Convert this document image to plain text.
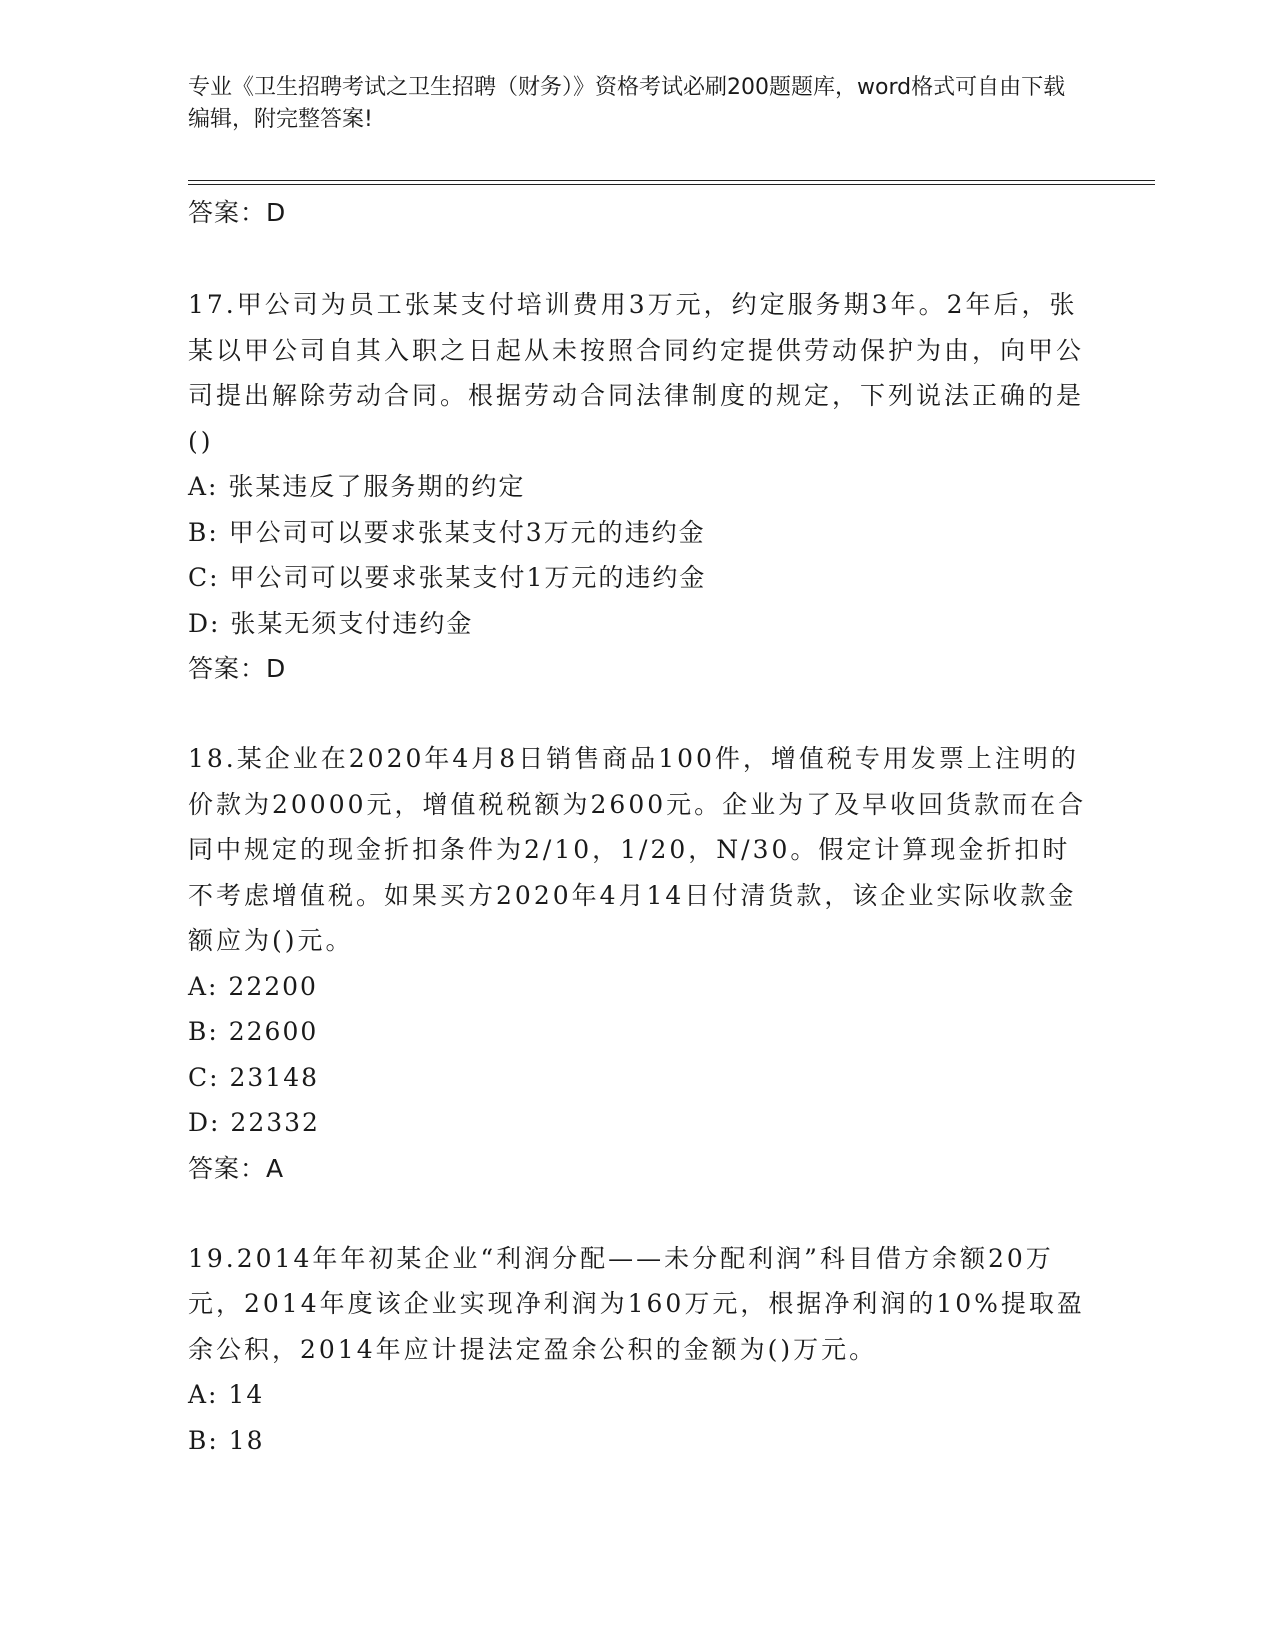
专业《卫生招聘考试之卫生招聘（财务）》资格考试必刷200题题库，word格式可自由下载编辑，附完整答案!
答案：D

17.甲公司为员工张某支付培训费用3万元，约定服务期3年。2年后，张某以甲公司自其入职之日起从未按照合同约定提供劳动保护为由，向甲公司提出解除劳动合同。根据劳动合同法律制度的规定，下列说法正确的是()

A: 张某违反了服务期的约定
B: 甲公司可以要求张某支付3万元的违约金
C: 甲公司可以要求张某支付1万元的违约金
D: 张某无须支付违约金
答案：D

18.某企业在2020年4月8日销售商品100件，增值税专用发票上注明的价款为20000元，增值税税额为2600元。企业为了及早收回货款而在合同中规定的现金折扣条件为2/10，1/20，N/30。假定计算现金折扣时不考虑增值税。如果买方2020年4月14日付清货款，该企业实际收款金额应为()元。

A: 22200
B: 22600
C: 23148
D: 22332
答案：A

19.2014年年初某企业“利润分配——未分配利润”科目借方余额20万元，2014年度该企业实现净利润为160万元，根据净利润的10%提取盈余公积，2014年应计提法定盈余公积的金额为()万元。

A: 14
B: 18
